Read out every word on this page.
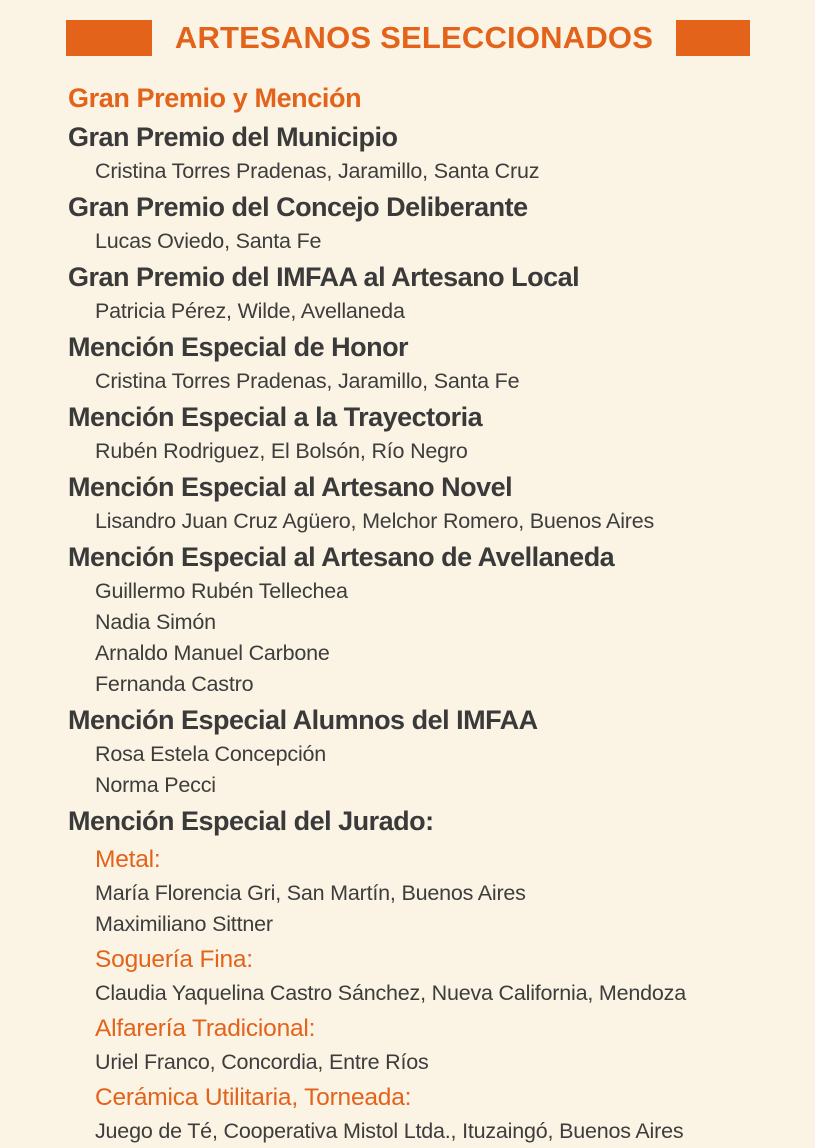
ARTESANOS SELECCIONADOS
Gran Premio y Mención
Gran Premio del Municipio
Cristina Torres Pradenas, Jaramillo, Santa Cruz
Gran Premio del Concejo Deliberante
Lucas Oviedo, Santa Fe
Gran Premio del IMFAA al Artesano Local
Patricia Pérez, Wilde, Avellaneda
Mención Especial de Honor
Cristina Torres Pradenas, Jaramillo, Santa Fe
Mención Especial a la Trayectoria
Rubén Rodriguez, El Bolsón, Río Negro
Mención Especial al Artesano Novel
Lisandro Juan Cruz Agüero, Melchor Romero, Buenos Aires
Mención Especial al Artesano de Avellaneda
Guillermo Rubén Tellechea
Nadia Simón
Arnaldo Manuel Carbone
Fernanda Castro
Mención Especial Alumnos del IMFAA
Rosa Estela Concepción
Norma Pecci
Mención Especial del Jurado:
Metal:
María Florencia Gri, San Martín, Buenos Aires
Maximiliano Sittner
Soguería Fina:
Claudia Yaquelina Castro Sánchez, Nueva California, Mendoza
Alfarería Tradicional:
Uriel Franco, Concordia, Entre Ríos
Cerámica Utilitaria, Torneada:
Juego de Té, Cooperativa Mistol Ltda., Ituzaingó, Buenos Aires
